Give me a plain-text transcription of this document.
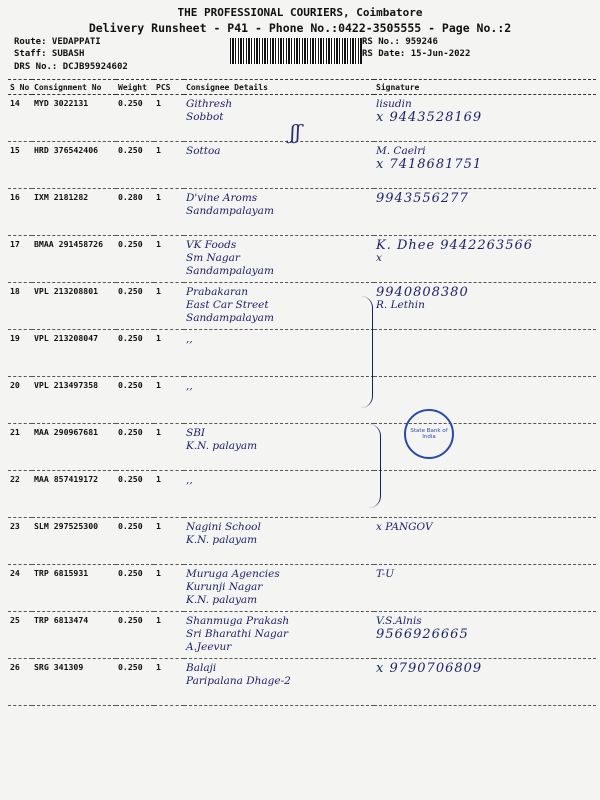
THE PROFESSIONAL COURIERS, Coimbatore
Delivery Runsheet - P41 - Phone No.:0422-3505555 - Page No.:2
Route: VEDAPPATI
Staff: SUBASH
DRS No.: DCJB95924602
RS No.: 959246
RS Date: 15-Jun-2022
S No	Consignment No	Weight	PCS	Consignee Details	Signature
14	MYD 3022131	0.250	1	Githresh
Sobbot	lisudin
x 9443528169

15	HRD 376542406	0.250	1	Sottoa	M. Caelri
x 7418681751

16	IXM 2181282	0.280	1	D'vine Aroms
Sandampalayam	9943556277

17	BMAA 291458726	0.250	1	VK Foods
Sm Nagar
Sandampalayam	K. Dhee 9442263566
x

18	VPL 213208801	0.250	1	Prabakaran
East Car Street
Sandampalayam	9940808380
R. Lethin

19	VPL 213208047	0.250	1	,,	

20	VPL 213497358	0.250	1	,,	

21	MAA 290967681	0.250	1	SBI
K.N. palayam	

22	MAA 857419172	0.250	1	,,	

23	SLM 297525300	0.250	1	Nagini School
K.N. palayam	x PANGOV

24	TRP 6815931	0.250	1	Muruga Agencies
Kurunji Nagar
K.N. palayam	T-U

25	TRP 6813474	0.250	1	Shanmuga Prakash
Sri Bharathi Nagar
A.Jeevur	V.S.Alnis
9566926665

26	SRG 341309	0.250	1	Balaji
Paripalana Dhage-2	x 9790706809
ʃʃ
State Bank of India
